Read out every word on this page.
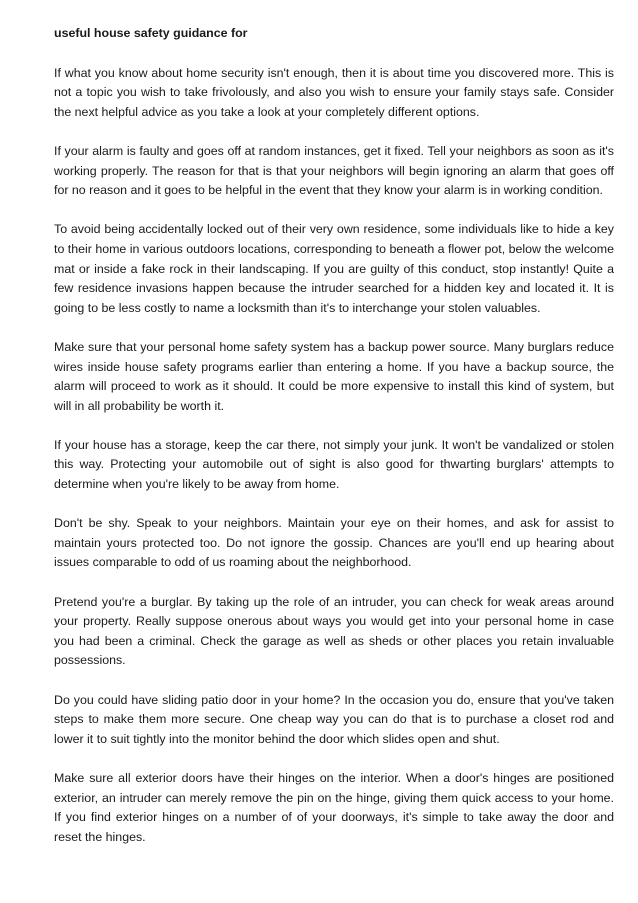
useful house safety guidance for

If what you know about home security isn't enough, then it is about time you discovered more. This is not a topic you wish to take frivolously, and also you wish to ensure your family stays safe. Consider the next helpful advice as you take a look at your completely different options.

If your alarm is faulty and goes off at random instances, get it fixed. Tell your neighbors as soon as it's working properly. The reason for that is that your neighbors will begin ignoring an alarm that goes off for no reason and it goes to be helpful in the event that they know your alarm is in working condition.

To avoid being accidentally locked out of their very own residence, some individuals like to hide a key to their home in various outdoors locations, corresponding to beneath a flower pot, below the welcome mat or inside a fake rock in their landscaping. If you are guilty of this conduct, stop instantly! Quite a few residence invasions happen because the intruder searched for a hidden key and located it. It is going to be less costly to name a locksmith than it's to interchange your stolen valuables.

Make sure that your personal home safety system has a backup power source. Many burglars reduce wires inside house safety programs earlier than entering a home. If you have a backup source, the alarm will proceed to work as it should. It could be more expensive to install this kind of system, but will in all probability be worth it.

If your house has a storage, keep the car there, not simply your junk. It won't be vandalized or stolen this way. Protecting your automobile out of sight is also good for thwarting burglars' attempts to determine when you're likely to be away from home.

Don't be shy. Speak to your neighbors. Maintain your eye on their homes, and ask for assist to maintain yours protected too. Do not ignore the gossip. Chances are you'll end up hearing about issues comparable to odd of us roaming about the neighborhood.

Pretend you're a burglar. By taking up the role of an intruder, you can check for weak areas around your property. Really suppose onerous about ways you would get into your personal home in case you had been a criminal. Check the garage as well as sheds or other places you retain invaluable possessions.

Do you could have sliding patio door in your home? In the occasion you do, ensure that you've taken steps to make them more secure. One cheap way you can do that is to purchase a closet rod and lower it to suit tightly into the monitor behind the door which slides open and shut.

Make sure all exterior doors have their hinges on the interior. When a door's hinges are positioned exterior, an intruder can merely remove the pin on the hinge, giving them quick access to your home. If you find exterior hinges on a number of of your doorways, it's simple to take away the door and reset the hinges.
